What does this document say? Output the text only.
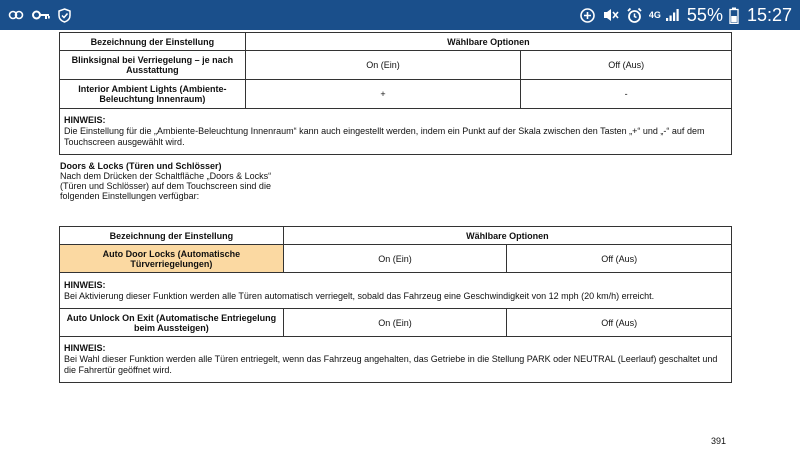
4G 55% 15:27
Bezeichnung der Einstellung	Wählbare Optionen	
Blinksignal bei Verriegelung – je nach Ausstattung	On (Ein)	Off (Aus)
Interior Ambient Lights (Ambiente-Beleuchtung Innenraum)	+	-

HINWEIS:
Die Einstellung für die „Ambiente-Beleuchtung Innenraum“ kann auch eingestellt werden, indem ein Punkt auf der Skala zwischen den Tasten „+“ und „-“ auf dem Touchscreen ausgewählt wird.		
Doors & Locks (Türen und Schlösser)
Nach dem Drücken der Schaltfläche „Doors & Locks“ (Türen und Schlösser) auf dem Touchscreen sind die folgenden Einstellungen verfügbar:
Bezeichnung der Einstellung	Wählbare Optionen	
Auto Door Locks (Automatische Türverriegelungen)	On (Ein)	Off (Aus)

HINWEIS:
Bei Aktivierung dieser Funktion werden alle Türen automatisch verriegelt, sobald das Fahrzeug eine Geschwindigkeit von 12 mph (20 km/h) erreicht.		
Auto Unlock On Exit (Automatische Entriegelung beim Aussteigen)	On (Ein)	Off (Aus)

HINWEIS:
Bei Wahl dieser Funktion werden alle Türen entriegelt, wenn das Fahrzeug angehalten, das Getriebe in die Stellung PARK oder NEUTRAL (Leerlauf) geschaltet und die Fahrertür geöffnet wird.		
391
